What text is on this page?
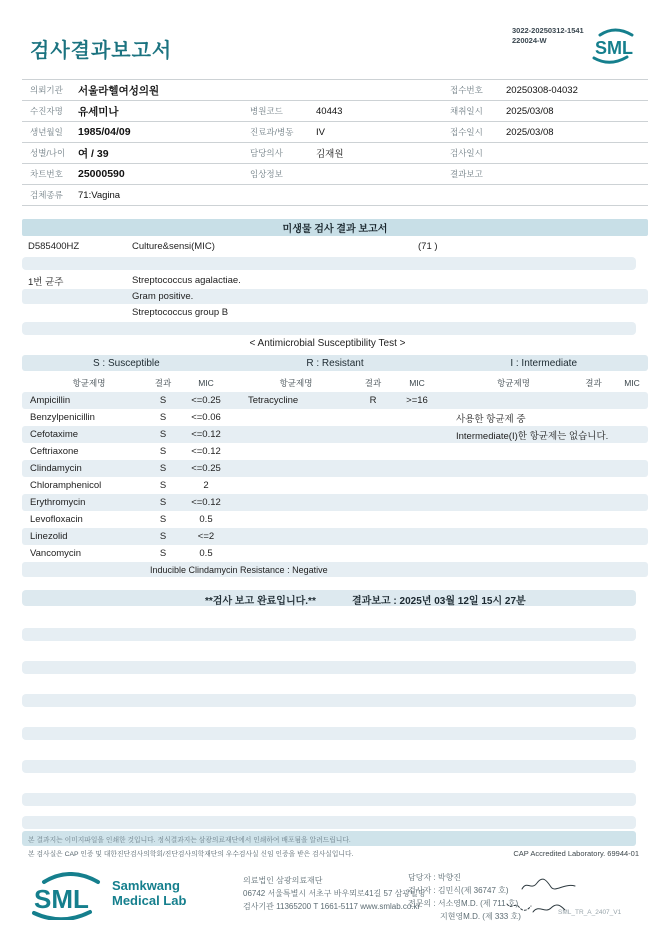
검사결과보고서
3022-20250312-1541
220024-W	SML
의뢰기관	서울라헬여성의원	접수번호	20250308-04032
수진자명	유세미나	병원코드	40443	채취일시	2025/03/08
생년월일	1985/04/09	진료과/병동	IV	접수일시	2025/03/08
성별/나이	여 / 39	담당의사	김재원	검사일시
차트번호	25000590	임상정보	결과보고
검체종류	71:Vagina
미생물 검사 결과 보고서
D585400HZ	Culture&sensi(MIC)	(71 )
1번 균주	Streptococcus agalactiae.
Gram positive.
Streptococcus group B
< Antimicrobial Susceptibility Test >
S : Susceptible	R : Resistant	I : Intermediate
항균제명	결과	MIC	항균제명	결과	MIC	항균제명	결과	MIC
Ampicillin	S	<=0.25	Tetracycline	R	>=16
Benzylpenicillin	S	<=0.06	사용한 항균제 중
Cefotaxime	S	<=0.12	Intermediate(I)한 항균제는 없습니다.
Ceftriaxone	S	<=0.12
Clindamycin	S	<=0.25
Chloramphenicol	S	2
Erythromycin	S	<=0.12
Levofloxacin	S	0.5
Linezolid	S	<=2
Vancomycin	S	0.5
Inducible Clindamycin Resistance : Negative
**검사 보고 완료입니다.**	결과보고 : 2025년 03월 12일 15시 27분
본 결과지는 이미지파일을 인쇄한 것입니다. 정식결과지는 삼광의료재단에서 인쇄하여 배포됨을 알려드립니다.
본 검사실은 CAP 인증 및 대한진단검사의학회/진단검사의학재단의 우수검사실 신임 인증을 받은 검사실입니다.	CAP Accredited Laboratory. 69944-01
SML Samkwang
Medical Lab
의료법인 삼광의료재단
06742 서울특별시 서초구 바우뫼로41길 57 삼광빌딩
검사기관 11365200 T 1661-5117 www.smlab.co.kr
담당자 : 박향진
검사자 : 김민식(제 36747 호)
전문의 : 서소영M.D. (제 711 호)
지현영M.D. (제 333 호)	SML_TR_A_2407_V1
